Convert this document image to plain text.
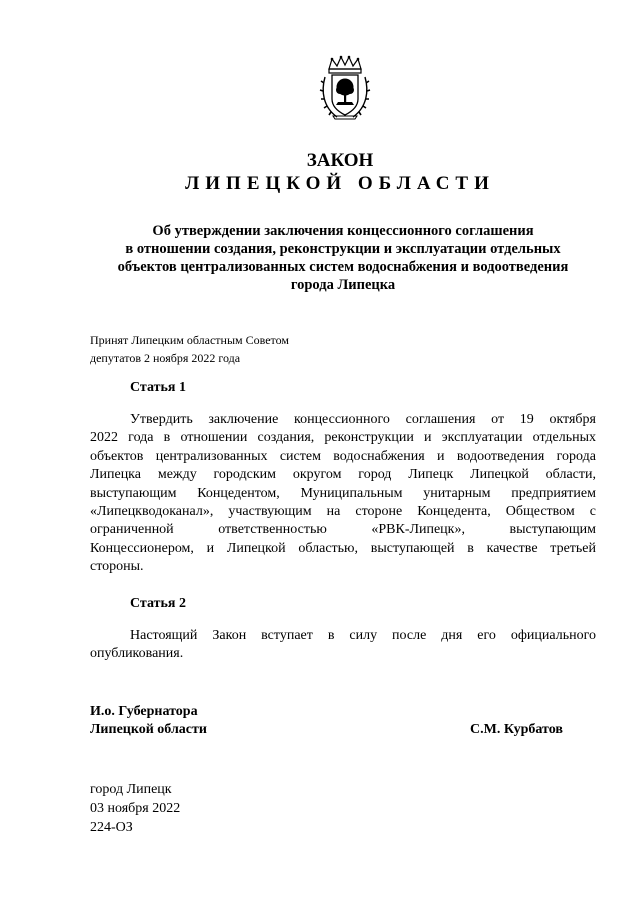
ЗАКОН
ЛИПЕЦКОЙ ОБЛАСТИ
Об утверждении заключения концессионного соглашения
в отношении создания, реконструкции и эксплуатации отдельных
объектов централизованных систем водоснабжения и водоотведения
города Липецка
Принят Липецким областным Советом
депутатов 2 ноября 2022 года
Статья 1
Утвердить заключение концессионного соглашения от 19 октября
2022 года в отношении создания, реконструкции и эксплуатации отдельных
объектов централизованных систем водоснабжения и водоотведения города
Липецка между городским округом город Липецк Липецкой области,
выступающим Концедентом, Муниципальным унитарным предприятием
«Липецкводоканал», участвующим на стороне Концедента, Обществом с
ограниченной ответственностью «РВК-Липецк», выступающим
Концессионером, и Липецкой областью, выступающей в качестве третьей
стороны.
Статья 2
Настоящий Закон вступает в силу после дня его официального
опубликования.
И.о. Губернатора
Липецкой области	С.М. Курбатов
город Липецк
03 ноября 2022
224-ОЗ
